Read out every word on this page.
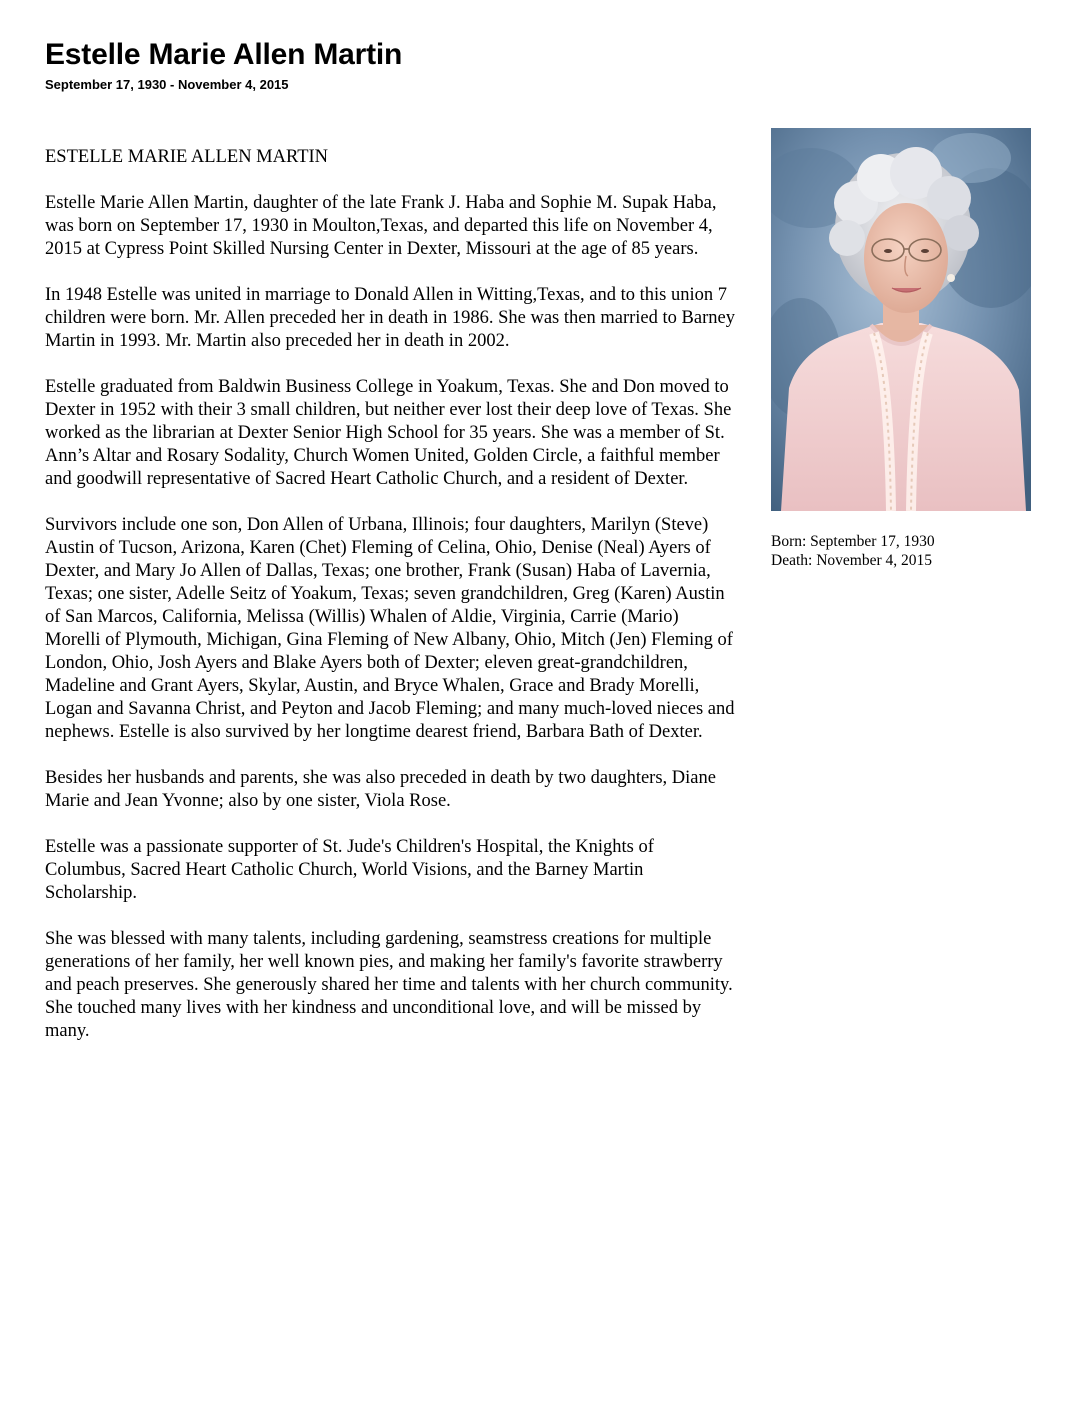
Estelle Marie Allen Martin
September 17, 1930 - November 4, 2015

ESTELLE MARIE ALLEN MARTIN

Estelle Marie Allen Martin, daughter of the late Frank J. Haba and Sophie M. Supak Haba, was born on September 17, 1930 in Moulton,Texas, and departed this life on November 4, 2015 at Cypress Point Skilled Nursing Center in Dexter, Missouri at the age of 85 years.

In 1948 Estelle was united in marriage to Donald Allen in Witting,Texas, and to this union 7 children were born. Mr. Allen preceded her in death in 1986. She was then married to Barney Martin in 1993. Mr. Martin also preceded her in death in 2002.

Estelle graduated from Baldwin Business College in Yoakum, Texas. She and Don moved to Dexter in 1952 with their 3 small children, but neither ever lost their deep love of Texas. She worked as the librarian at Dexter Senior High School for 35 years. She was a member of St. Ann’s Altar and Rosary Sodality, Church Women United, Golden Circle, a faithful member and goodwill representative of Sacred Heart Catholic Church, and a resident of Dexter.

Survivors include one son, Don Allen of Urbana, Illinois; four daughters, Marilyn (Steve) Austin of Tucson, Arizona, Karen (Chet) Fleming of Celina, Ohio, Denise (Neal) Ayers of Dexter, and Mary Jo Allen of Dallas, Texas; one brother, Frank (Susan) Haba of Lavernia, Texas; one sister, Adelle Seitz of Yoakum, Texas; seven grandchildren, Greg (Karen) Austin of San Marcos, California, Melissa (Willis) Whalen of Aldie, Virginia, Carrie (Mario) Morelli of Plymouth, Michigan, Gina Fleming of New Albany, Ohio, Mitch (Jen) Fleming of London, Ohio, Josh Ayers and Blake Ayers both of Dexter; eleven great-grandchildren, Madeline and Grant Ayers, Skylar, Austin, and Bryce Whalen, Grace and Brady Morelli, Logan and Savanna Christ, and Peyton and Jacob Fleming; and many much-loved nieces and nephews. Estelle is also survived by her longtime dearest friend, Barbara Bath of Dexter.

Besides her husbands and parents, she was also preceded in death by two daughters, Diane Marie and Jean Yvonne; also by one sister, Viola Rose.

Estelle was a passionate supporter of St. Jude's Children's Hospital, the Knights of Columbus, Sacred Heart Catholic Church, World Visions, and the Barney Martin Scholarship.

She was blessed with many talents, including gardening, seamstress creations for multiple generations of her family, her well known pies, and making her family's favorite strawberry and peach preserves. She generously shared her time and talents with her church community. She touched many lives with her kindness and unconditional love, and will be missed by many.

Born: September 17, 1930
Death: November 4, 2015
